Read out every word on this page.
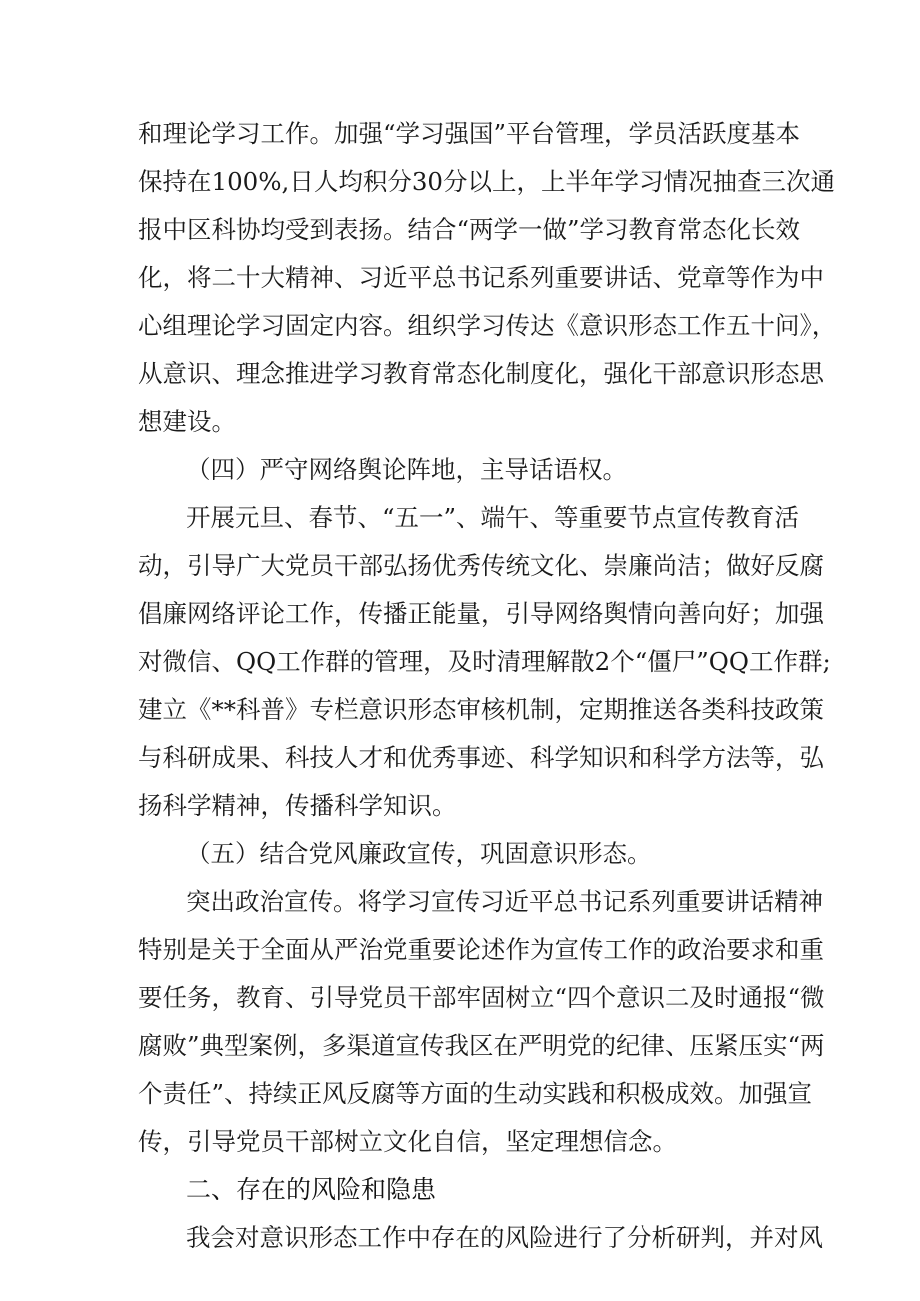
和理论学习工作。加强“学习强国”平台管理，学员活跃度基本
保持在100%,日人均积分30分以上，上半年学习情况抽查三次通
报中区科协均受到表扬。结合“两学一做”学习教育常态化长效
化，将二十大精神、习近平总书记系列重要讲话、党章等作为中
心组理论学习固定内容。组织学习传达《意识形态工作五十问》，
从意识、理念推进学习教育常态化制度化，强化干部意识形态思
想建设。
（四）严守网络舆论阵地，主导话语权。
开展元旦、春节、“五一”、端午、等重要节点宣传教育活
动，引导广大党员干部弘扬优秀传统文化、崇廉尚洁；做好反腐
倡廉网络评论工作，传播正能量，引导网络舆情向善向好；加强
对微信、QQ工作群的管理，及时清理解散2个“僵尸”QQ工作群;
建立《**科普》专栏意识形态审核机制，定期推送各类科技政策
与科研成果、科技人才和优秀事迹、科学知识和科学方法等，弘
扬科学精神，传播科学知识。
（五）结合党风廉政宣传，巩固意识形态。
突出政治宣传。将学习宣传习近平总书记系列重要讲话精神
特别是关于全面从严治党重要论述作为宣传工作的政治要求和重
要任务，教育、引导党员干部牢固树立“四个意识二及时通报“微
腐败”典型案例，多渠道宣传我区在严明党的纪律、压紧压实“两
个责任”、持续正风反腐等方面的生动实践和积极成效。加强宣
传，引导党员干部树立文化自信，坚定理想信念。
二、存在的风险和隐患
我会对意识形态工作中存在的风险进行了分析研判，并对风
